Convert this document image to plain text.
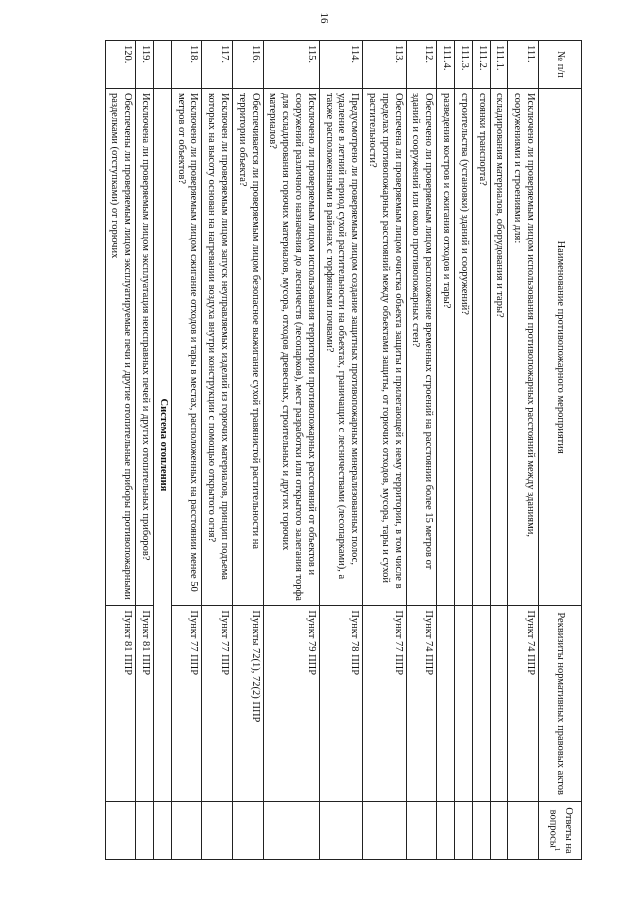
16
№ п/п	Наименование противопожарного мероприятия	Реквизиты нормативных правовых актов	Ответы на вопросы$^1$
111.	Исключено ли проверяемым лицом использования противопожарных расстояний между зданиями, сооружениями и строениями для:	Пункт 74 ППР	
111.1.	складирования материалов, оборудования и тары?		
111.2.	стоянки транспорта?		
111.3.	строительства (установки) зданий и сооружений?		
111.4.	разведения костров и сжигания отходов и тары?		
112.	Обеспечено ли проверяемым лицом расположение временных строений на расстоянии более 15 метров от зданий и сооружений или около противопожарных стен?	Пункт 74 ППР	
113.	Обеспечена ли проверяемым лицом очистка объекта защиты и прилегающей к нему территории, в том числе в пределах противопожарных расстояний между объектами защиты, от горючих отходов, мусора, тары и сухой растительности?	Пункт 77 ППР	
114.	Предусмотрено ли проверяемым лицом создание защитных противопожарных минерализованных полос, удаление в летний период сухой растительности на объектах, граничащих с лесничествами (лесопарками), а также расположенными в районах с торфяными почвами?	Пункт 78 ППР	
115.	Исключено ли проверяемым лицом использования территории противопожарных расстояний от объектов и сооружений различного назначения до лесничеств (лесопарков), мест разработки или открытого залегания торфа для складирования горючих материалов, мусора, отходов древесных, строительных и других горючих материалов?	Пункт 79 ППР	
116.	Обеспечивается ли проверяемым лицом безопасное выжигание сухой травянистой растительности на территории объекта?	Пункты 72(1), 72(2) ППР	
117.	Исключен ли проверяемым лицом запуск неуправляемых изделий из горючих материалов, принцип подъема которых на высоту основан на нагревании воздуха внутри конструкции с помощью открытого огня?	Пункт 77 ППР	
118.	Исключено ли проверяемым лицом сжигание отходов и тары в местах, расположенных на расстоянии менее 50 метров от объектов?	Пункт 77 ППР	
	Система отопления		
119.	Исключена ли проверяемым лицом эксплуатация неисправных печей и других отопительных приборов?	Пункт 81 ППР	
120.	Обеспечены ли проверяемым лицом эксплуатируемые печи и другие отопительные приборы противопожарными разделками (отступками) от горючих	Пункт 81 ППР	
